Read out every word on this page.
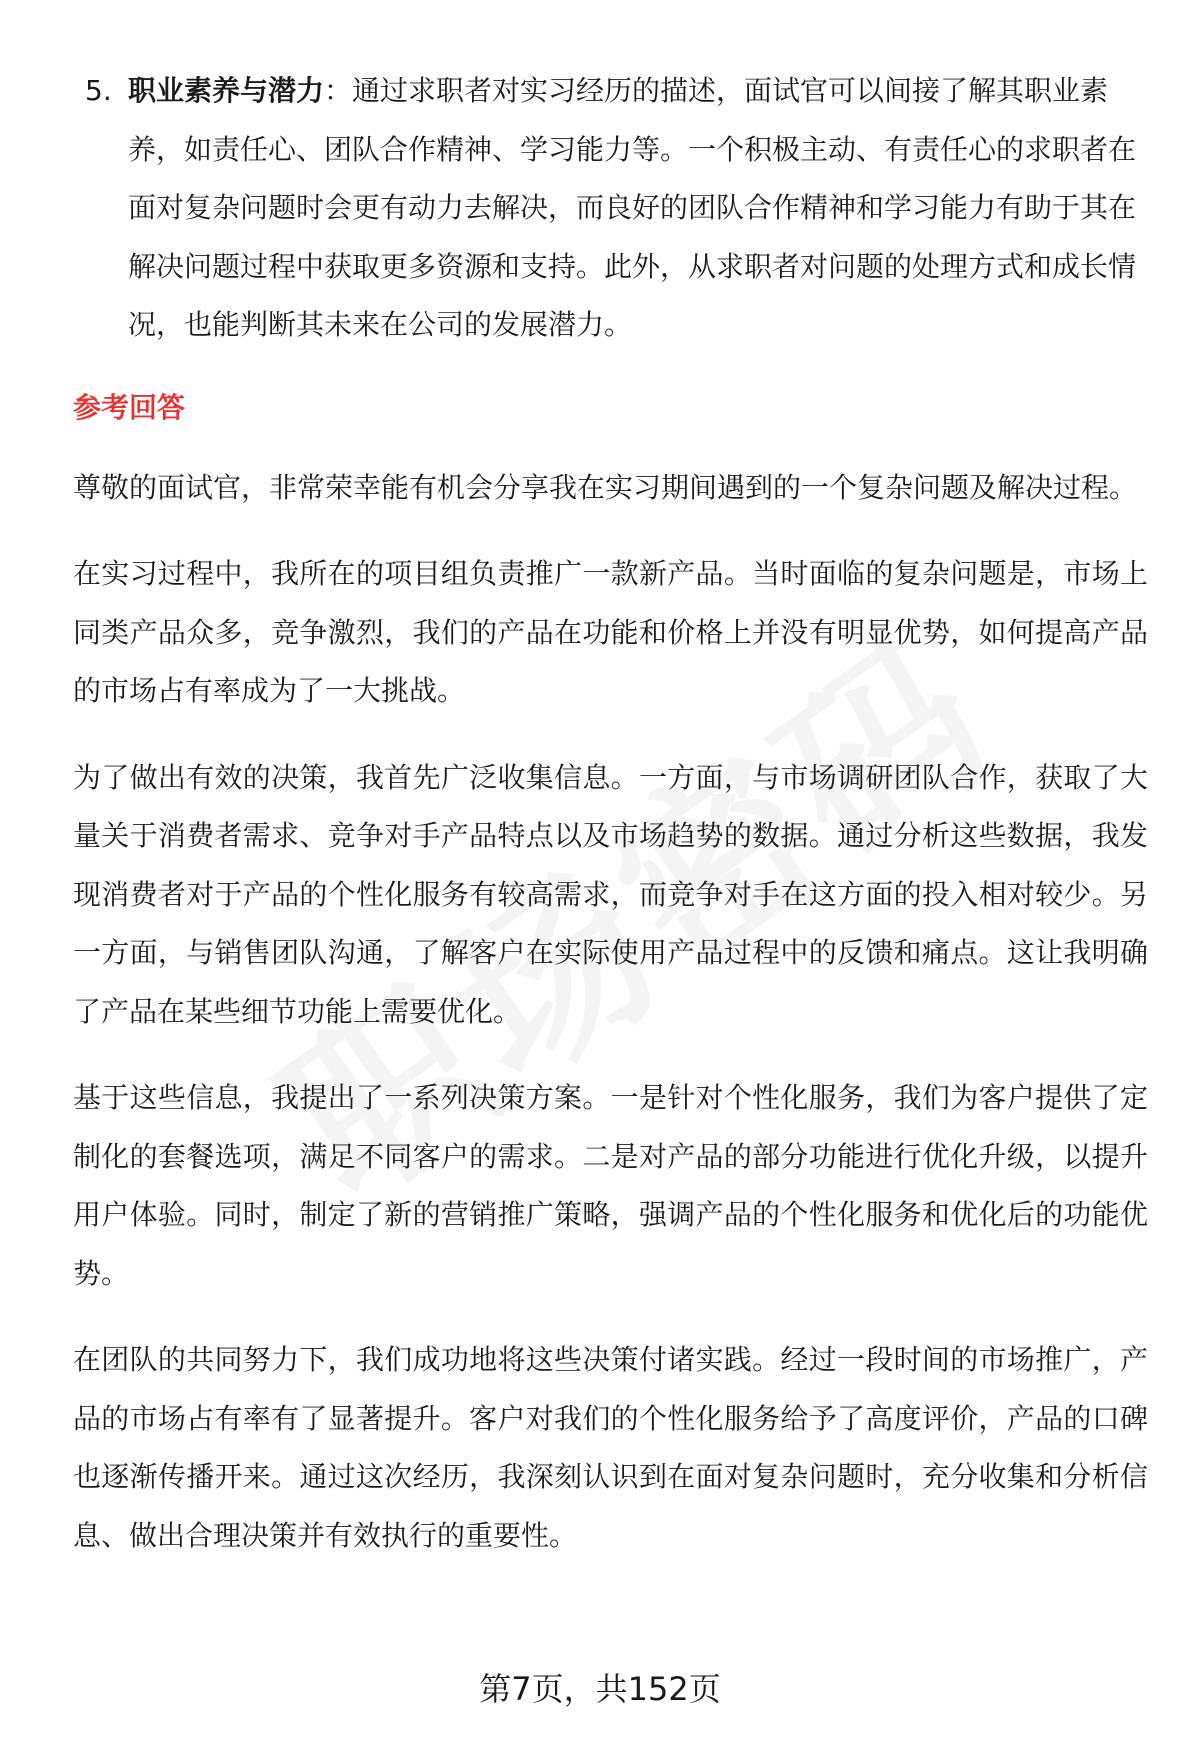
5. 职业素养与潜力：通过求职者对实习经历的描述，面试官可以间接了解其职业素养，如责任心、团队合作精神、学习能力等。一个积极主动、有责任心的求职者在面对复杂问题时会更有动力去解决，而良好的团队合作精神和学习能力有助于其在解决问题过程中获取更多资源和支持。此外，从求职者对问题的处理方式和成长情况，也能判断其未来在公司的发展潜力。
参考回答

尊敬的面试官，非常荣幸能有机会分享我在实习期间遇到的一个复杂问题及解决过程。

在实习过程中，我所在的项目组负责推广一款新产品。当时面临的复杂问题是，市场上同类产品众多，竞争激烈，我们的产品在功能和价格上并没有明显优势，如何提高产品的市场占有率成为了一大挑战。

为了做出有效的决策，我首先广泛收集信息。一方面，与市场调研团队合作，获取了大量关于消费者需求、竞争对手产品特点以及市场趋势的数据。通过分析这些数据，我发现消费者对于产品的个性化服务有较高需求，而竞争对手在这方面的投入相对较少。另一方面，与销售团队沟通，了解客户在实际使用产品过程中的反馈和痛点。这让我明确了产品在某些细节功能上需要优化。

基于这些信息，我提出了一系列决策方案。一是针对个性化服务，我们为客户提供了定制化的套餐选项，满足不同客户的需求。二是对产品的部分功能进行优化升级，以提升用户体验。同时，制定了新的营销推广策略，强调产品的个性化服务和优化后的功能优势。

在团队的共同努力下，我们成功地将这些决策付诸实践。经过一段时间的市场推广，产品的市场占有率有了显著提升。客户对我们的个性化服务给予了高度评价，产品的口碑也逐渐传播开来。通过这次经历，我深刻认识到在面对复杂问题时，充分收集和分析信息、做出合理决策并有效执行的重要性。

第7页，共152页
